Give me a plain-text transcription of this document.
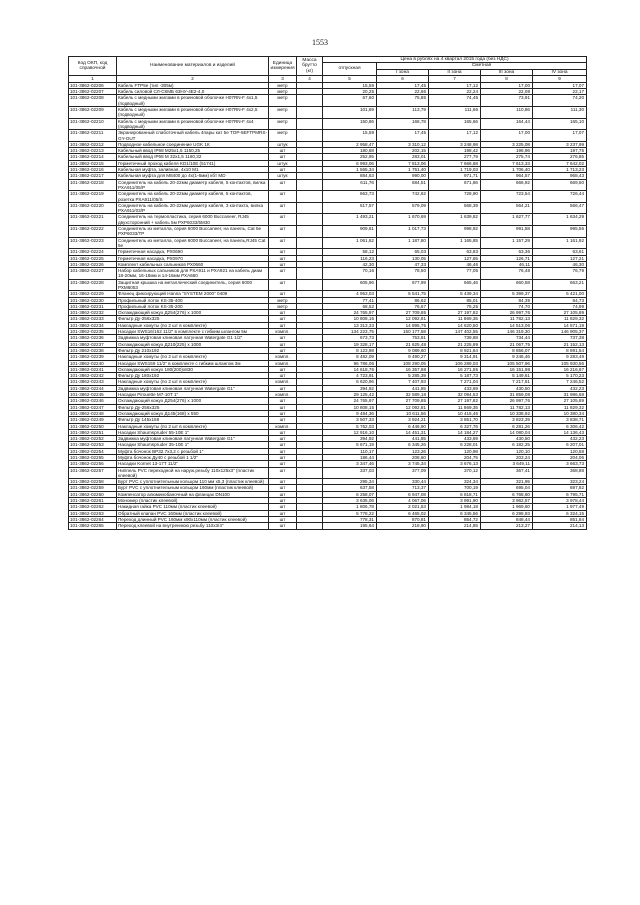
1553
Код ОКП, код справочной	Наименование материалов и изделий	Единица измерения	Масса брутто (кг)	Цена в рублях на 4 квартал 2015 года (без НДС)				
				отпускная	Сметная			
					I зона	II зона	III зона	IV зона
1	2	3	4	5	6	7	8	9
101-3862-02206	Кабель FTP5e (тип -305м)	метр		15,59	17,45	17,12	17,00	17,07
101-3862-02207	Кабель силовой СЛ-СКМБ 63НУ-4Е2-4,0	метр		20,25	22,66	22,24	22,08	22,17
101-3862-02208	Кабель с медными жилами в резиновой оболочке H07RN-F 4х1,5 (подводный)	метр		67,60	75,85	74,45	73,91	74,20
101-3862-02209	Кабель с медными жилами в резиновой оболочке H07RN-F 4х2,5 (подводный)	метр		101,69	113,79	111,66	110,86	111,30
101-3862-02210	Кабель с медными жилами в резиновой оболочке H07RN-F 4х4 (подводный)	метр		150,86	168,78	165,66	164,44	165,10
101-3862-02211	Экранированный слаботочный кабель 4пары кат 5е TOP-5EFTPMRS-GY-OUT	метр		15,59	17,45	17,12	17,00	17,07
101-3862-02212	Подводное кабельное соединение UGK 1К	штук		2 958,47	3 310,12	3 248,98	3 225,08	3 237,99
101-3862-02213	Кабельный ввод IP68 M25х1,5 1150,25	шт		180,68	202,15	198,42	196,96	197,75
101-3862-02214	Кабельный ввод IP68 M 32х1,5 1160,32	шт		252,95	283,01	277,79	275,74	276,85
101-3862-02215	Герметичный проход кабеля KD1/10E (51741)	штук		6 993,06	7 813,06	7 666,68	7 613,33	7 642,02
101-3862-02216	Кабельная муфта, заливная, 4х10 М1	шт		1 565,34	1 751,40	1 719,03	1 706,40	1 713,23
101-3862-02217	Кабельная муфта для М8400 до 4х(1-6мм) кбт MD	штук		884,63	990,00	971,71	964,57	968,43
101-3862-02218	Соединитель на кабель 20-22мм диаметр кабеля, 5 контактов, вилка РХА911/05/P	шт		611,76	684,51	671,86	666,92	669,60
101-3862-02219	Соединитель на кабель 20-22мм диаметр кабеля, 5 контактов, розетка РХА911/05/S	шт		663,73	742,62	728,90	723,54	726,44
101-3862-02220	Соединитель на кабель 20-22мм диаметр кабеля, 3 контакта, вилка РХА911/03/P	шт		517,57	579,09	568,39	564,21	566,47
101-3862-02221	Соединитель на термопластика, серия 6000 Buccaneer, RJ45 двухсторонний + кабель 5м РХР6033/5М30	шт		1 493,21	1 670,69	1 639,82	1 627,77	1 634,29
101-3862-02222	Соединитель из металла, серия 6000 Buccaneer, на панель, Cat 5e РХР6033/TP	шт		909,61	1 017,73	998,92	991,58	995,55
101-3862-02223	Соединитель из металла, серия 6000 Buccaneer, на панель,RJ45 Cat 5e	шт		1 061,62	1 187,80	1 165,85	1 157,29	1 161,92
101-3862-02224	Герметичная насадка, РХ0690	шт		58,12	65,03	63,83	63,36	63,61
101-3862-02225	Герметичная насадка, РХ0970	шт		116,23	130,05	127,65	126,71	127,21
101-3862-02226	Комплект кабельных сальников РХ0660	шт		42,30	47,33	46,46	46,11	46,30
101-3862-02227	Набор кабельных сальников для РХА911 и РХА921 на кабель диам 18-20мм, 16-18мм и 14-16мм РХА660	шт		70,16	78,50	77,05	76,48	76,79
101-3862-02228	Защитная крышка на металлический соединитель, серия 6000 РХМ6053	шт		605,96	677,99	665,46	660,58	663,21
101-3862-02229	Фланец фиксирующий Hanna "SYSTEM 2000" 0409	шт		4 953,03	5 541,75	5 439,34	5 399,37	5 421,00
101-3862-02230	Профильный лоток KS-35-400	метр		77,41	86,62	85,01	84,39	84,73
101-3862-02231	Профильный лоток KS-35-200	метр		68,52	76,67	75,25	74,70	74,99
101-3862-02232	Охлаждающий кожух Д254(276) х 1000	шт		24 765,97	27 709,85	27 197,82	26 997,76	27 105,89
101-3862-02233	Фильтр Ду-256х325	шт		10 808,15	12 092,81	11 869,35	11 782,13	11 829,32
101-3862-02234	Накладные хомуты (по 2 шт в комплекте)	шт		13 313,33	14 895,75	14 620,50	14 513,06	14 571,19
101-3862-02235	Насадки SWS16/162 11/2" в комплекте с гибким шлангом 5м	компл.		134 223,75	150 177,58	147 402,55	146 319,30	146 905,37
101-3862-02236	Задвижка муфтовая клиновая латунная Watergate G1 1/2"	шт		673,73	753,81	739,88	734,44	737,38
101-3862-02237	Охлаждающий кожух Д210(225) х 1000	шт		19 328,17	21 625,48	21 225,89	21 067,75	21 152,13
101-3862-02238	Фильтр Ду 210х192	шт		8 123,98	9 089,60	8 921,64	8 856,07	8 891,54
101-3862-02239	Накладные хомуты (по 2 шт в комплекте)	компл.		8 482,09	9 490,27	9 314,91	9 246,46	9 283,49
101-3862-02240	Насадки SWS159 11/2" в комплекте с гибким шлангом 3м	компл.		96 786,06	108 290,05	106 289,03	105 507,96	105 930,56
101-3862-02241	Охлаждающий кожух 180(200)х830	шт		14 618,76	16 357,88	16 271,55	16 151,98	16 216,67
101-3862-02242	Фильтр Ду 180х192	шт		4 723,91	5 285,39	5 187,73	5 149,61	5 170,23
101-3862-02243	Накладные хомуты (по 2 шт в комплекте)	компл.		6 620,96	7 407,93	7 271,04	7 217,61	7 246,52
101-3862-02244	Задвижка муфтовая клиновая латунная Watergate G1"	шт		394,92	441,85	433,69	430,50	432,23
101-3862-02245	Насадки Pirouette M7-10T 1"	компл.		29 125,42	32 589,18	32 094,53	31 859,08	31 986,68
101-3862-02246	Охлаждающий кожух Д254(276) х 1000	шт		24 765,97	27 709,85	27 197,82	26 997,76	27 105,89
101-3862-02247	Фильтр Ду-256х325	шт		10 808,15	12 092,81	11 869,35	11 782,13	11 829,32
101-3862-02248	Охлаждающий кожух Д145(168) х 550	шт		9 484,36	10 611,56	10 415,46	10 338,92	10 380,34
101-3862-02249	Фильтр Ду 145х158	шт		3 507,33	3 924,21	3 851,70	3 823,39	3 838,71
101-3862-02250	Накладные хомуты (по 2 шт в комплекте)	компл.		5 762,03	6 446,90	6 327,76	6 281,26	6 306,42
101-3862-02251	Насадки Shaumspruder 55-10E 1"	шт		12 916,10	14 451,31	14 184,27	14 080,04	14 136,43
101-3862-02252	Задвижка муфтовая клиновая латунная Watergate G1"	шт		394,92	441,85	433,69	430,50	432,23
101-3862-02253	Насадки Shaumspruder 35-10E 1"	шт		5 671,19	6 345,26	6 228,01	6 182,25	6 207,01
101-3862-02254	Муфта бочонок ВР32.7х3,2 с резьбой 1"	шт		110,17	123,26	120,98	120,10	120,58
101-3862-02255	Муфта бочонок Ду40 с резьбой 1 1/2"	шт		186,44	208,60	204,75	203,24	204,06
101-3862-02256	Насадки Kornet 13-17T 11/2"	шт		3 347,46	3 745,34	3 676,13	3 649,11	3 663,73
101-3862-02257	Ниппель PVC переходной на наруж.резьбу 110х125х3" (пластик клеевой)	шт		337,03	377,09	370,12	367,41	368,88
101-3862-02258	Бурт PVC с уплотнительным кольцом 110 мм х5,3 (пластик клеевой)	шт		295,34	330,44	324,34	321,95	323,24
101-3862-02259	Бурт PVC с уплотнительным кольцом 160мм (пластик клеевой)	шт		637,58	713,37	700,19	695,04	697,82
101-3862-02260	Компенсатор алюминобаночный на фланцах DN100	шт		6 258,07	6 947,08	6 818,71	6 768,60	6 795,71
101-3862-02261	Мономер (пластик клеевой)	шт		3 635,06	4 067,06	3 991,90	3 962,57	3 978,44
101-3862-02262	Накидная гайка PVC 110мм (пластик клеевой)	шт		1 806,78	2 021,53	1 984,18	1 969,60	1 977,49
101-3862-02263	Обратный клапан PVC 160мм (пластик клеевой)	шт		5 778,22	6 465,02	6 345,56	6 298,93	6 324,15
101-3862-02264	Переход длинный PVC 160мм х90х110мм (пластик клеевой)	шт		778,31	870,81	854,72	848,44	851,84
101-3862-02265	Переход клеевой на внутреннюю резьбу 110х3/4"	шт		195,64	218,90	214,85	213,27	214,13
